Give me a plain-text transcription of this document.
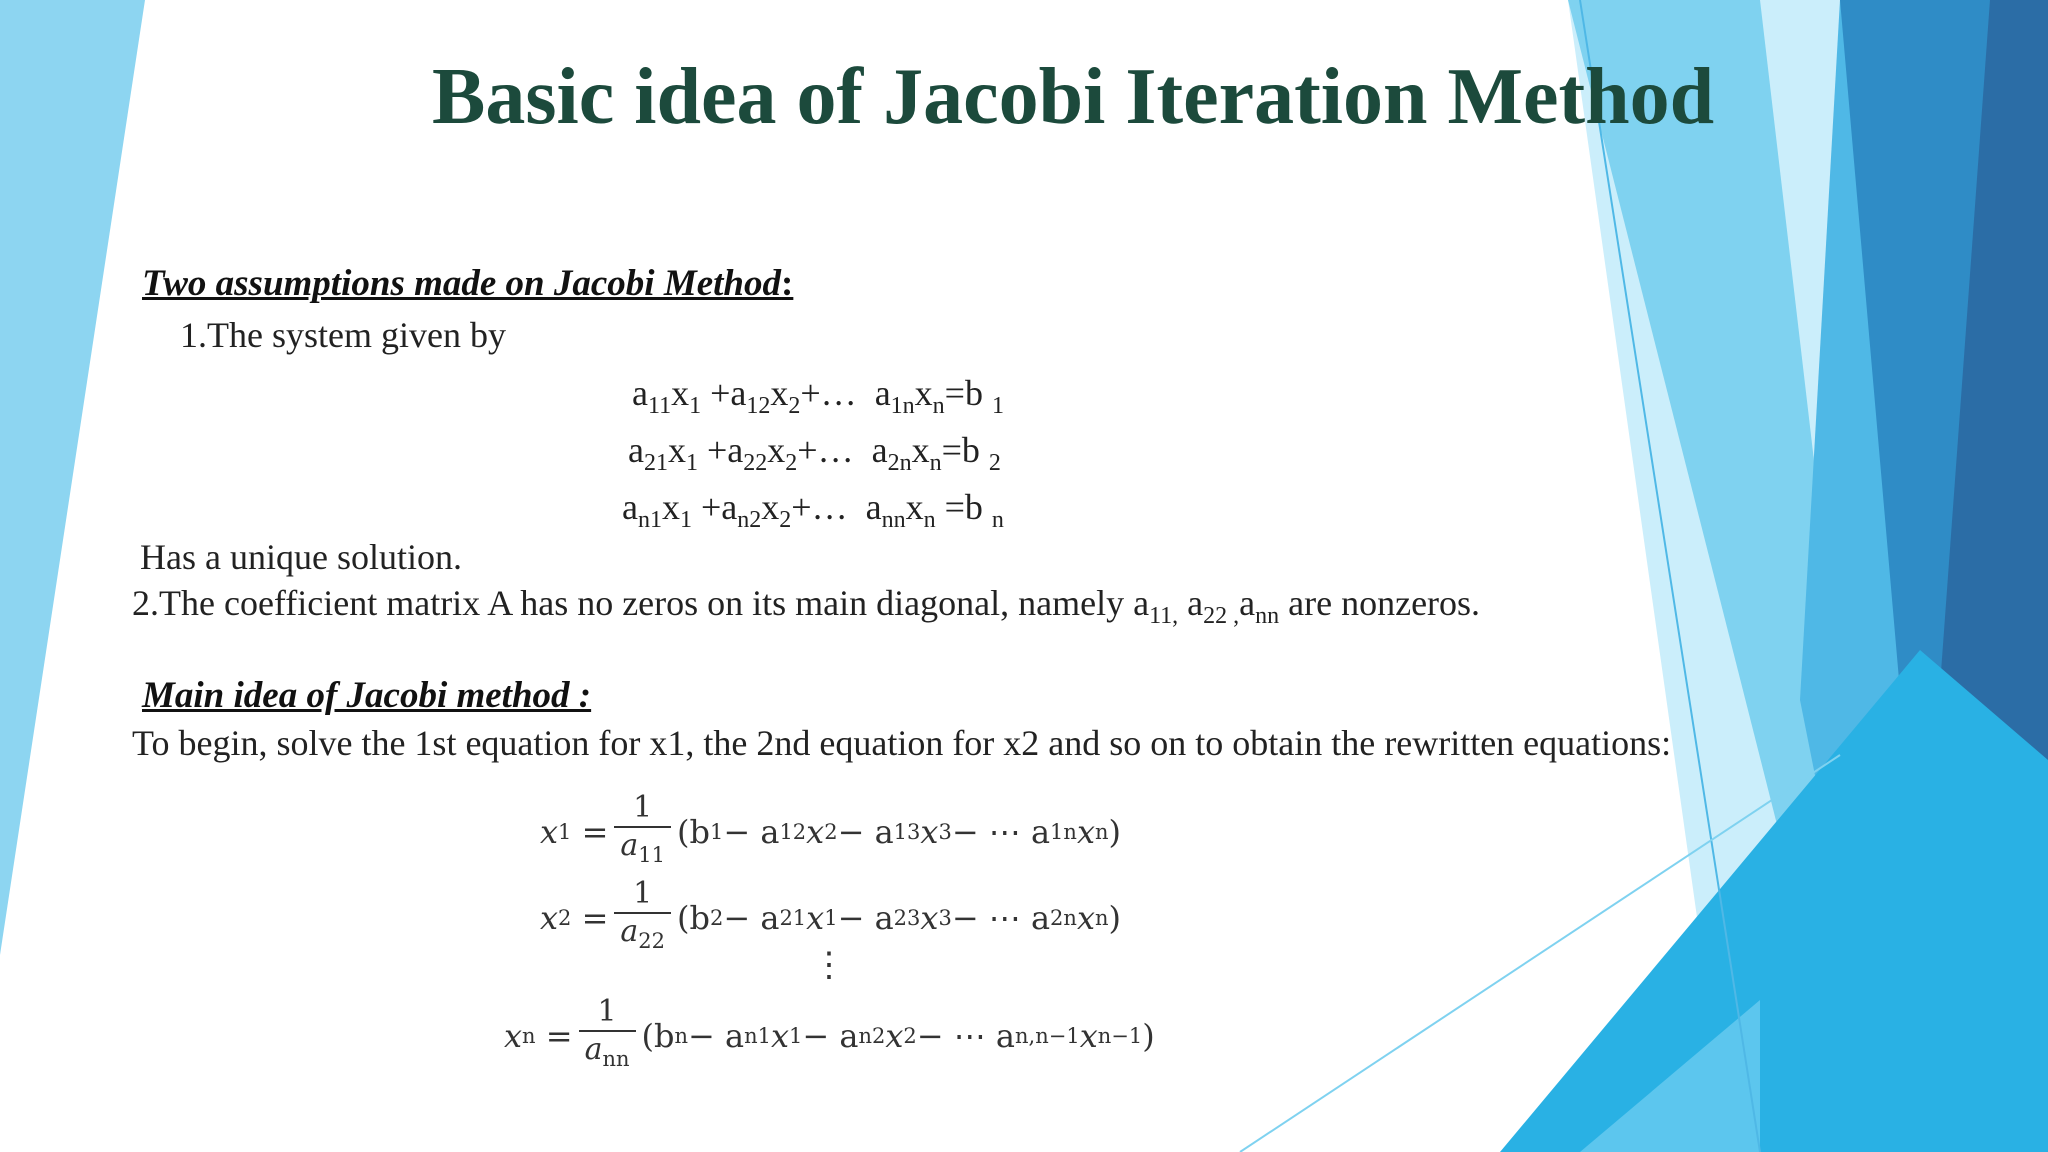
Basic idea of Jacobi Iteration Method
Two assumptions made on Jacobi Method:
1.The system given by
$a_{11}x_1$ $+a_{12}x_2+\dots$  $a_{1n}x_n=b$ $_1$
$a_{21}x_1$ $+a_{22}x_2+\dots$  $a_{2n}x_n=b$ $_2$
$a_{n1}x_1$ $+a_{n2}x_2+\dots$  $a_{nn}x_n =b$ $_n$
Has a unique solution.
2.The coefficient matrix A has no zeros on its main diagonal, namely $a_{11,}$ $a_{22 ,}a_{nn}$ are nonzeros.
Main idea of Jacobi method :
To begin, solve the 1st equation for x1, the 2nd equation for x2 and so on to obtain the rewritten equations:
x 1
= $\frac{1}{a_{11}} (b$ 1 − a 12 x 2 − a 13 x 3 − ⋯ a 1n x n )
x 2
= $\frac{1}{a_{22}} (b$ 2 − a 21 x 1 − a 23 x 3 − ⋯ a 2n x n )
⋮
x n
= $\frac{1}{a_{nn}} (b$ n − a n1 x 1 − a n2 x 2 − ⋯ a n,n−1 x n−1 )
